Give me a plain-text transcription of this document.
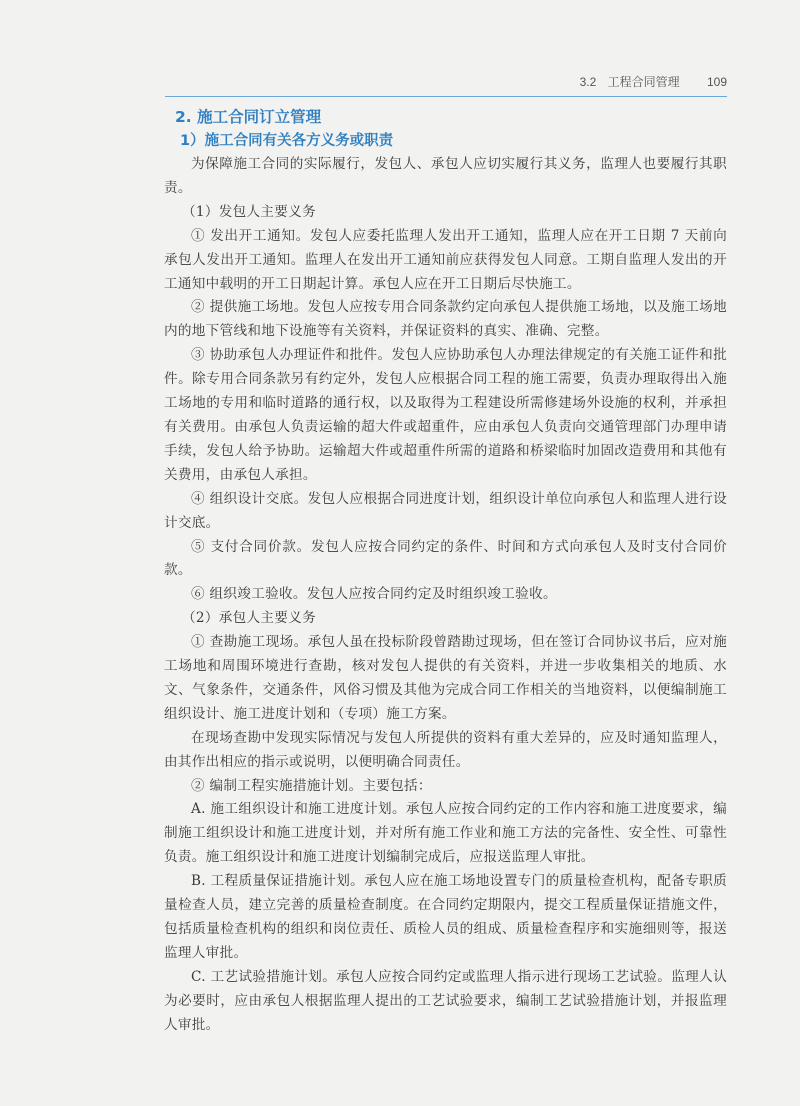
3.2 工程合同管理 109
2. 施工合同订立管理
1）施工合同有关各方义务或职责

为保障施工合同的实际履行，发包人、承包人应切实履行其义务，监理人也要履行其职责。

（1）发包人主要义务

① 发出开工通知。发包人应委托监理人发出开工通知，监理人应在开工日期 7 天前向承包人发出开工通知。监理人在发出开工通知前应获得发包人同意。工期自监理人发出的开工通知中载明的开工日期起计算。承包人应在开工日期后尽快施工。

② 提供施工场地。发包人应按专用合同条款约定向承包人提供施工场地，以及施工场地内的地下管线和地下设施等有关资料，并保证资料的真实、准确、完整。

③ 协助承包人办理证件和批件。发包人应协助承包人办理法律规定的有关施工证件和批件。除专用合同条款另有约定外，发包人应根据合同工程的施工需要，负责办理取得出入施工场地的专用和临时道路的通行权，以及取得为工程建设所需修建场外设施的权利，并承担有关费用。由承包人负责运输的超大件或超重件，应由承包人负责向交通管理部门办理申请手续，发包人给予协助。运输超大件或超重件所需的道路和桥梁临时加固改造费用和其他有关费用，由承包人承担。

④ 组织设计交底。发包人应根据合同进度计划，组织设计单位向承包人和监理人进行设计交底。

⑤ 支付合同价款。发包人应按合同约定的条件、时间和方式向承包人及时支付合同价款。

⑥ 组织竣工验收。发包人应按合同约定及时组织竣工验收。

（2）承包人主要义务

① 查勘施工现场。承包人虽在投标阶段曾踏勘过现场，但在签订合同协议书后，应对施工场地和周围环境进行查勘，核对发包人提供的有关资料，并进一步收集相关的地质、水文、气象条件，交通条件，风俗习惯及其他为完成合同工作相关的当地资料，以便编制施工组织设计、施工进度计划和（专项）施工方案。

在现场查勘中发现实际情况与发包人所提供的资料有重大差异的，应及时通知监理人，由其作出相应的指示或说明，以便明确合同责任。

② 编制工程实施措施计划。主要包括：

A. 施工组织设计和施工进度计划。承包人应按合同约定的工作内容和施工进度要求，编制施工组织设计和施工进度计划，并对所有施工作业和施工方法的完备性、安全性、可靠性负责。施工组织设计和施工进度计划编制完成后，应报送监理人审批。

B. 工程质量保证措施计划。承包人应在施工场地设置专门的质量检查机构，配备专职质量检查人员，建立完善的质量检查制度。在合同约定期限内，提交工程质量保证措施文件，包括质量检查机构的组织和岗位责任、质检人员的组成、质量检查程序和实施细则等，报送监理人审批。

C. 工艺试验措施计划。承包人应按合同约定或监理人指示进行现场工艺试验。监理人认为必要时，应由承包人根据监理人提出的工艺试验要求，编制工艺试验措施计划，并报监理人审批。
